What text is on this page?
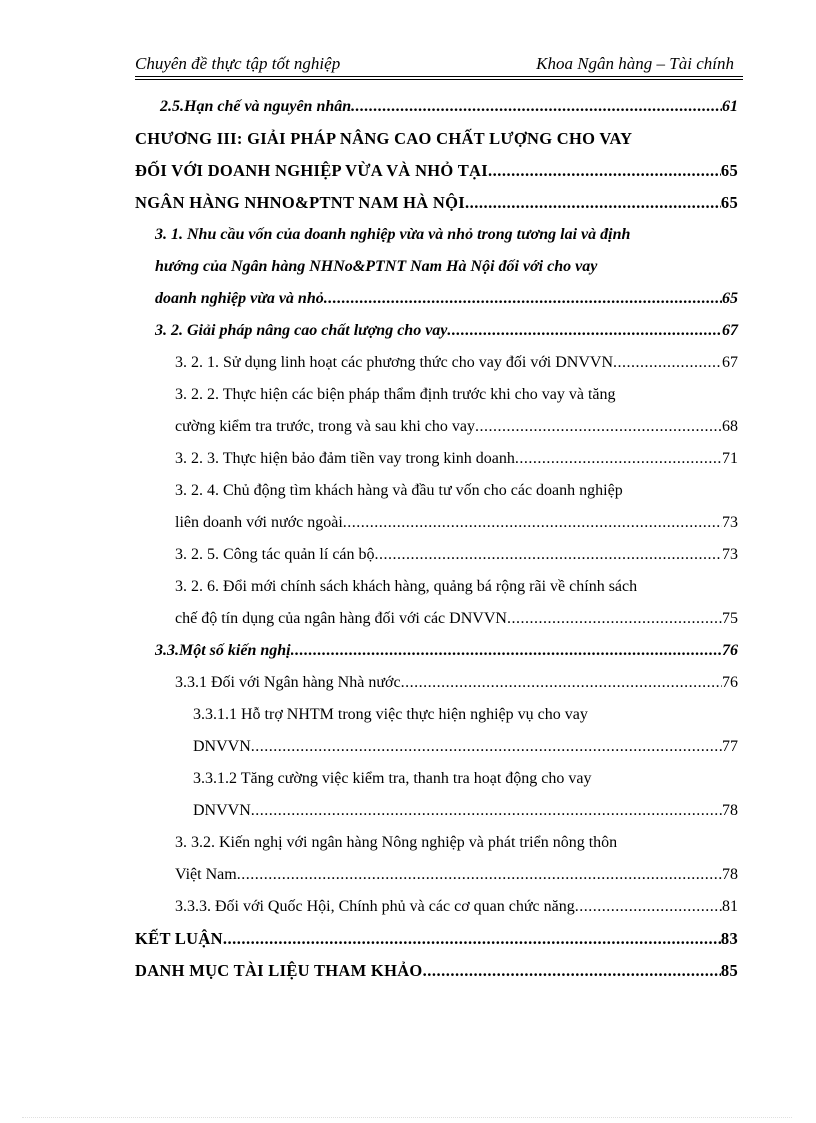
Chuyên đề thực tập tốt nghiệp	Khoa Ngân hàng – Tài chính
2.5.Hạn chế và nguyên nhân .....	61
CHƯƠNG III: GIẢI PHÁP NÂNG CAO CHẤT LƯỢNG CHO VAY
ĐỐI VỚI DOANH NGHIỆP VỪA VÀ NHỎ TẠI .....	65
NGÂN HÀNG NHNO&PTNT NAM HÀ NỘI .....	65
3. 1. Nhu cầu vốn của doanh nghiệp vừa và nhỏ trong tương lai và định
hướng của Ngân hàng NHNo&PTNT Nam Hà Nội đối với cho vay
doanh nghiệp vừa và nhỏ .....	65
3. 2. Giải pháp nâng cao chất lượng cho vay .....	67
3. 2. 1. Sử dụng linh hoạt các phương thức cho vay đối với DNVVN .....	67
3. 2. 2. Thực hiện các biện pháp thẩm định trước khi cho vay và tăng
cường kiểm tra trước, trong và sau khi cho vay .....	68
3. 2. 3. Thực hiện bảo đảm tiền vay trong kinh doanh .....	71
3. 2. 4. Chủ động tìm khách hàng và đầu tư vốn cho các doanh nghiệp
liên doanh với nước ngoài .....	73
3. 2. 5. Công tác quản lí cán bộ .....	73
3. 2. 6. Đổi mới chính sách khách hàng, quảng bá rộng rãi về chính sách
chế độ tín dụng của ngân hàng đối với các DNVVN .....	75
3.3.Một số kiến nghị .....	76
3.3.1 Đối với Ngân hàng Nhà nước .....	76
3.3.1.1 Hỗ trợ NHTM trong việc thực hiện nghiệp vụ cho vay
DNVVN .....	77
3.3.1.2 Tăng cường việc kiểm tra, thanh tra hoạt động cho vay
DNVVN .....	78
3. 3.2. Kiến nghị với ngân hàng Nông nghiệp và phát triển nông thôn
Việt Nam .....	78
3.3.3. Đối với Quốc Hội, Chính phủ và các cơ quan chức năng .....	81
KẾT LUẬN .....	83
DANH MỤC TÀI LIỆU THAM KHẢO .....	85
